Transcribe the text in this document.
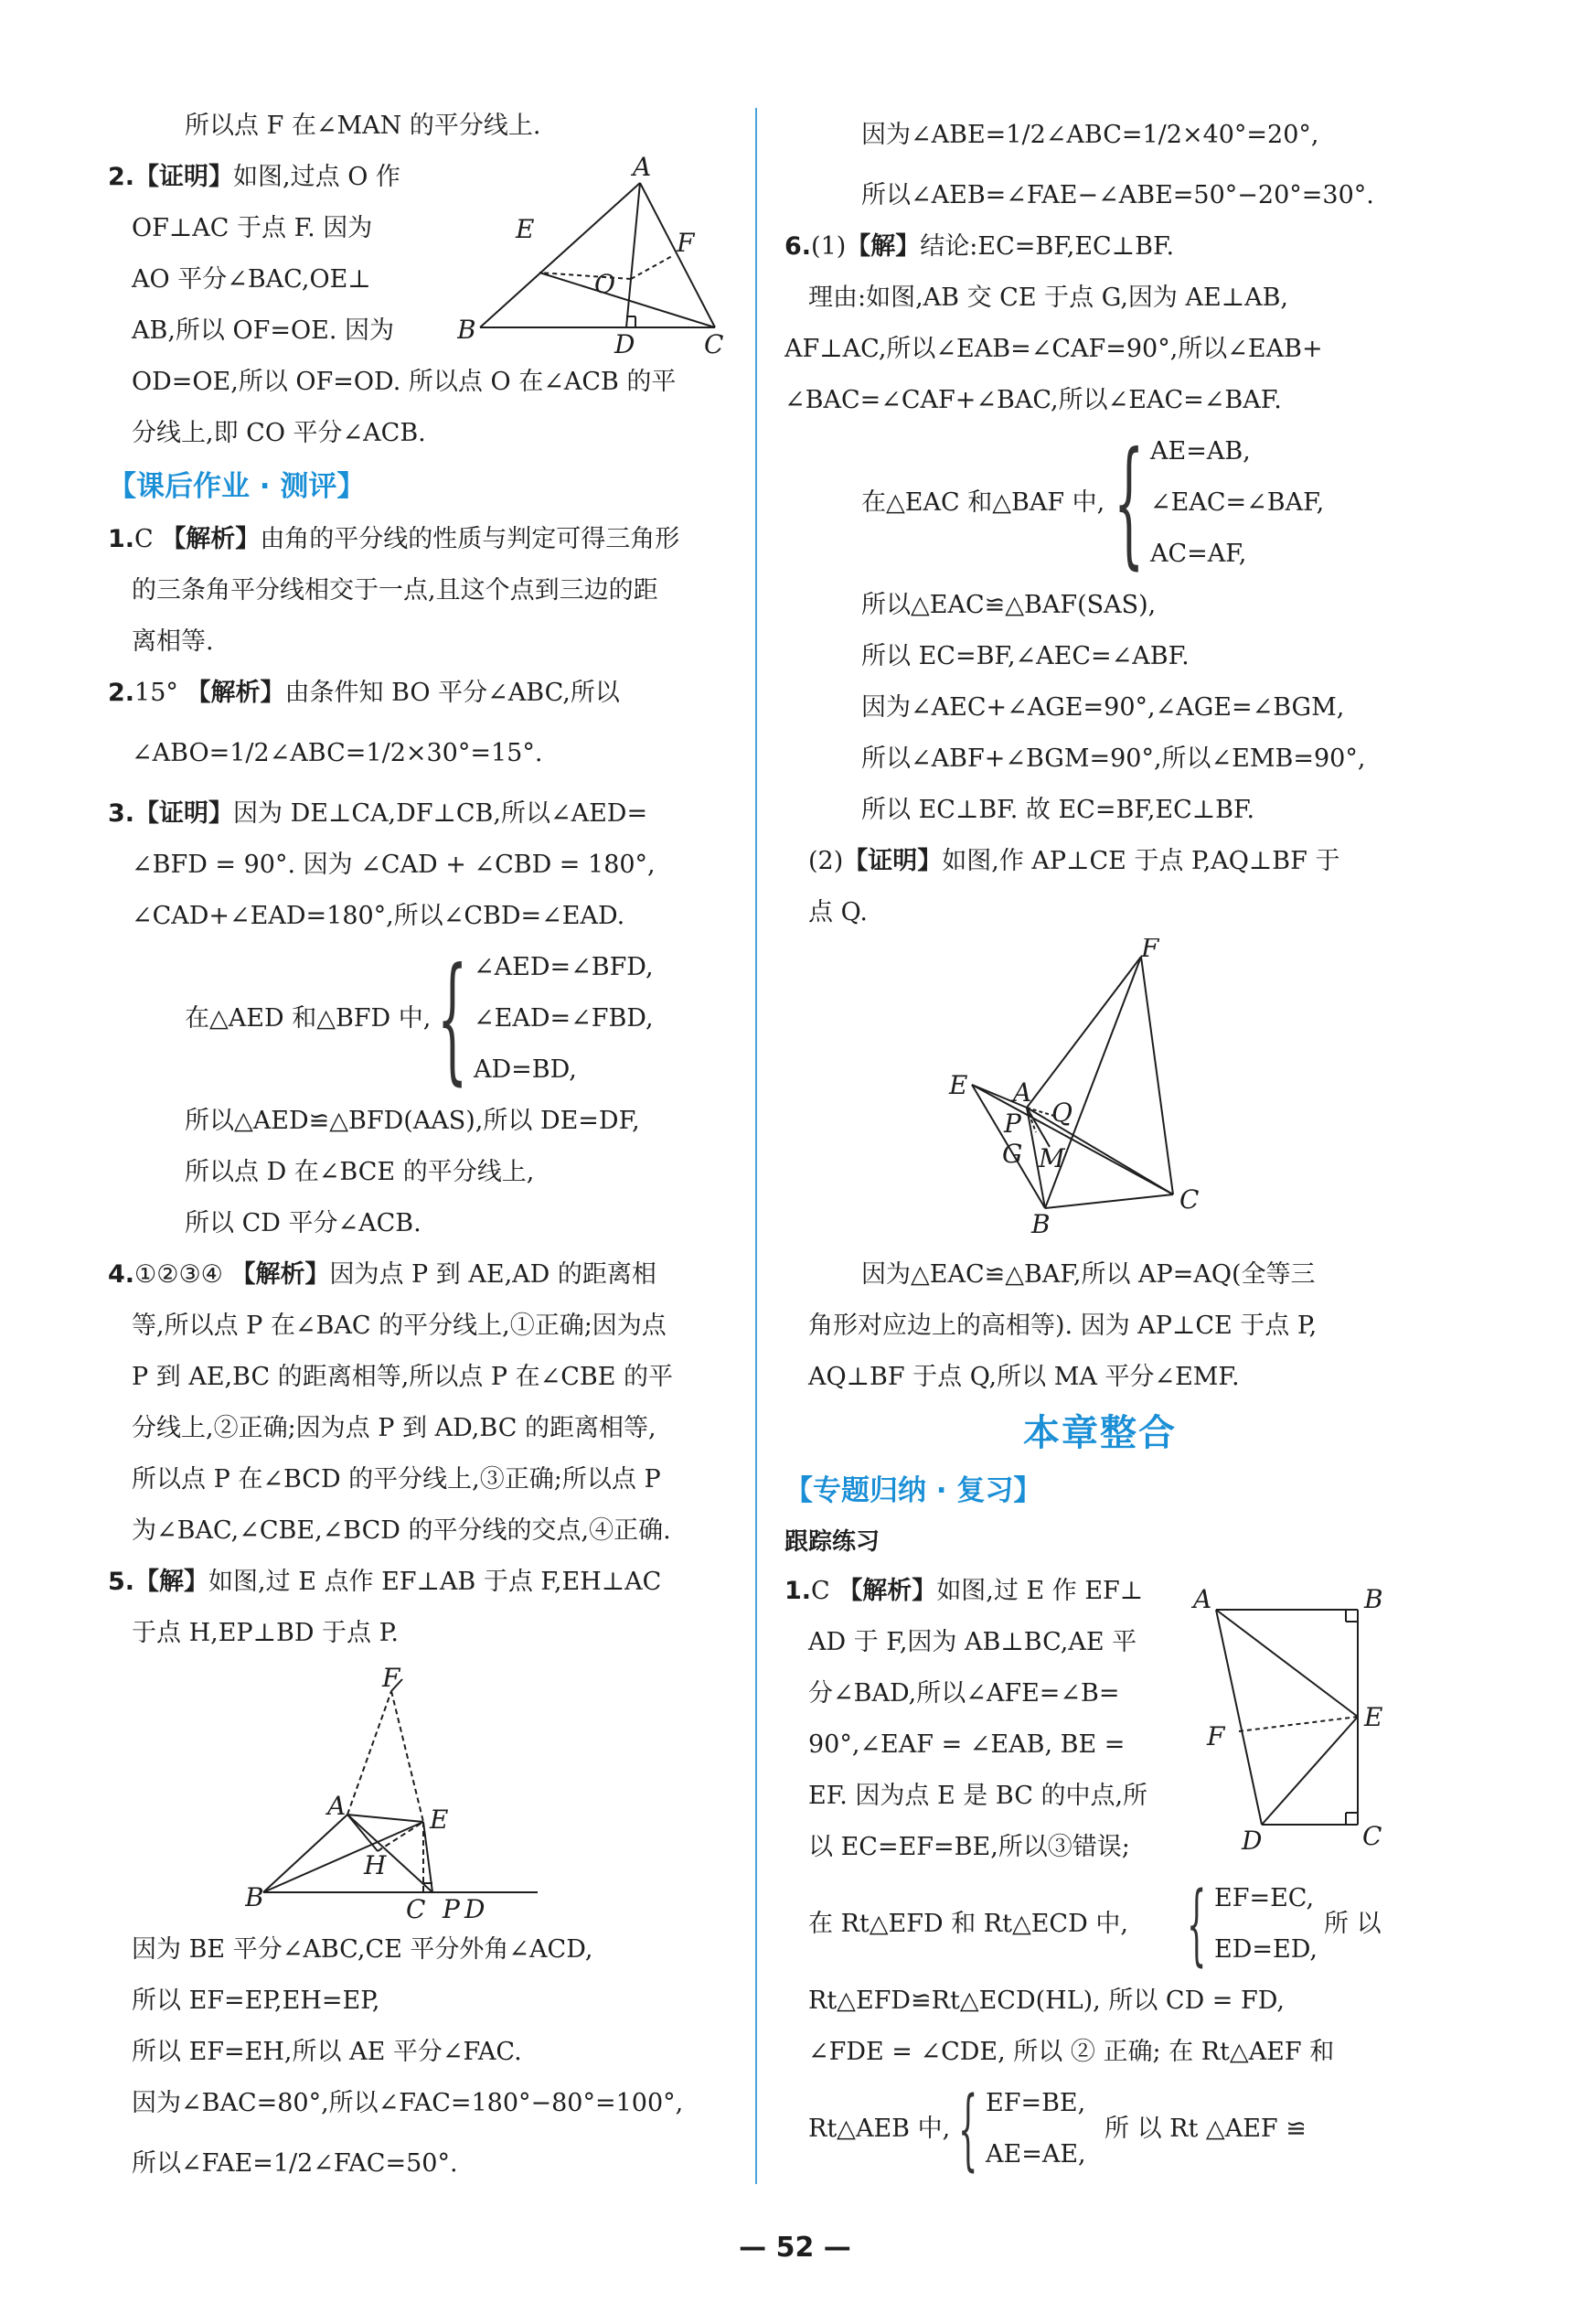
所以点 F 在∠MAN 的平分线上.
2.【证明】如图,过点 O 作
OF⊥AC 于点 F. 因为
AO 平分∠BAC,OE⊥
AB,所以 OF=OE. 因为
OD=OE,所以 OF=OD. 所以点 O 在∠ACB 的平
分线上,即 CO 平分∠ACB.
【课后作业 · 测评】
1.C 【解析】由角的平分线的性质与判定可得三角形
的三条角平分线相交于一点,且这个点到三边的距
离相等.
2.15° 【解析】由条件知 BO 平分∠ABC,所以
∠ABO=1/2∠ABC=1/2×30°=15°.
3.【证明】因为 DE⊥CA,DF⊥CB,所以∠AED=
∠BFD = 90°. 因为 ∠CAD + ∠CBD = 180°,
∠CAD+∠EAD=180°,所以∠CBD=∠EAD.
在△AED 和△BFD 中, { ∠AED=∠BFD,
∠EAD=∠FBD,
AD=BD,
所以△AED≌△BFD(AAS),所以 DE=DF,
所以点 D 在∠BCE 的平分线上,
所以 CD 平分∠ACB.
4.①②③④ 【解析】因为点 P 到 AE,AD 的距离相
等,所以点 P 在∠BAC 的平分线上,①正确;因为点
P 到 AE,BC 的距离相等,所以点 P 在∠CBE 的平
分线上,②正确;因为点 P 到 AD,BC 的距离相等,
所以点 P 在∠BCD 的平分线上,③正确;所以点 P
为∠BAC,∠CBE,∠BCD 的平分线的交点,④正确.
5.【解】如图,过 E 点作 EF⊥AB 于点 F,EH⊥AC
于点 H,EP⊥BD 于点 P.
F
A	E
H
B	C P D
因为 BE 平分∠ABC,CE 平分外角∠ACD,
所以 EF=EP,EH=EP,
所以 EF=EH,所以 AE 平分∠FAC.
因为∠BAC=80°,所以∠FAC=180°−80°=100°,
所以∠FAE=1/2∠FAC=50°.
A
E	F
O
B	D	C
因为∠ABE=1/2∠ABC=1/2×40°=20°,
所以∠AEB=∠FAE−∠ABE=50°−20°=30°.
6.(1)【解】结论:EC=BF,EC⊥BF.
理由:如图,AB 交 CE 于点 G,因为 AE⊥AB,
AF⊥AC,所以∠EAB=∠CAF=90°,所以∠EAB+
∠BAC=∠CAF+∠BAC,所以∠EAC=∠BAF.
在△EAC 和△BAF 中, { AE=AB,
∠EAC=∠BAF,
AC=AF,
所以△EAC≌△BAF(SAS),
所以 EC=BF,∠AEC=∠ABF.
因为∠AEC+∠AGE=90°,∠AGE=∠BGM,
所以∠ABF+∠BGM=90°,所以∠EMB=90°,
所以 EC⊥BF. 故 EC=BF,EC⊥BF.
(2)【证明】如图,作 AP⊥CE 于点 P,AQ⊥BF 于
点 Q.
F
E A
Q
P
G M
B
C
因为△EAC≌△BAF,所以 AP=AQ(全等三
角形对应边上的高相等). 因为 AP⊥CE 于点 P,
AQ⊥BF 于点 Q,所以 MA 平分∠EMF.
本章整合
【专题归纳 · 复习】
跟踪练习
1.C 【解析】如图,过 E 作 EF⊥
AD 于 F,因为 AB⊥BC,AE 平
分∠BAD,所以∠AFE=∠B=
90°,∠EAF = ∠EAB, BE =
EF. 因为点 E 是 BC 的中点,所
以 EC=EF=BE,所以③错误;
在 Rt△EFD 和 Rt△ECD 中, { EF=EC,
ED=ED,
所 以
Rt△EFD≌Rt△ECD(HL), 所以 CD = FD,
∠FDE = ∠CDE, 所以 ② 正确; 在 Rt△AEF 和
Rt△AEB 中, { EF=BE,
AE=AE,
所 以 Rt △AEF ≌
A	B
E
F
D	C
— 52 —
